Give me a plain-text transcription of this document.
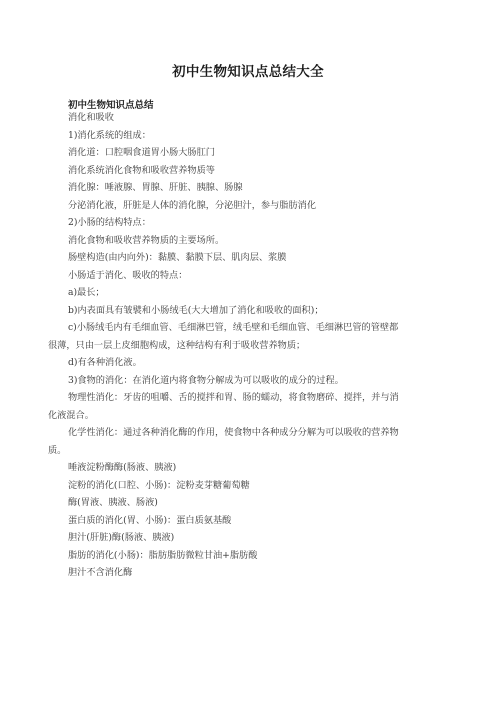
初中生物知识点总结大全
初中生物知识点总结
消化和吸收
1)消化系统的组成：
消化道：口腔咽食道胃小肠大肠肛门
消化系统消化食物和吸收营养物质等
消化腺：唾液腺、胃腺、肝脏、胰腺、肠腺
分泌消化液，肝脏是人体的消化腺，分泌胆汁，参与脂肪消化
2)小肠的结构特点：
消化食物和吸收营养物质的主要场所。
肠壁构造(由内向外)：黏膜、黏膜下层、肌肉层、浆膜
小肠适于消化、吸收的特点：
a)最长；
b)内表面具有皱襞和小肠绒毛(大大增加了消化和吸收的面积)；
c)小肠绒毛内有毛细血管、毛细淋巴管，绒毛壁和毛细血管、毛细淋巴管的管壁都
很薄，只由一层上皮细胞构成，这种结构有利于吸收营养物质；
d)有各种消化液。
3)食物的消化：在消化道内将食物分解成为可以吸收的成分的过程。
物理性消化：牙齿的咀嚼、舌的搅拌和胃、肠的蠕动，将食物磨碎、搅拌，并与消
化液混合。
化学性消化：通过各种消化酶的作用，使食物中各种成分分解为可以吸收的营养物
质。
唾液淀粉酶酶(肠液、胰液)
淀粉的消化(口腔、小肠)：淀粉麦芽糖葡萄糖
酶(胃液、胰液、肠液)
蛋白质的消化(胃、小肠)：蛋白质氨基酸
胆汁(肝脏)酶(肠液、胰液)
脂肪的消化(小肠)：脂肪脂肪微粒甘油+脂肪酸
胆汁不含消化酶
